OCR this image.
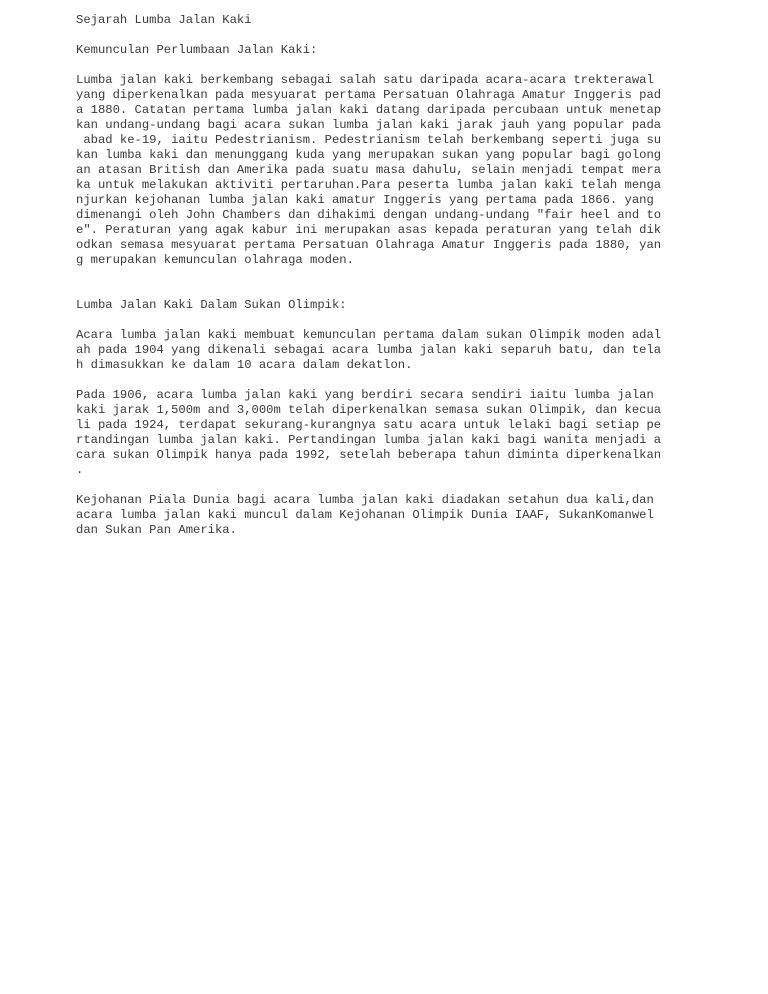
Sejarah Lumba Jalan Kaki
Kemunculan Perlumbaan Jalan Kaki:
Lumba jalan kaki berkembang sebagai salah satu daripada acara-acara trekterawal
yang diperkenalkan pada mesyuarat pertama Persatuan Olahraga Amatur Inggeris pad
a 1880. Catatan pertama lumba jalan kaki datang daripada percubaan untuk menetap
kan undang-undang bagi acara sukan lumba jalan kaki jarak jauh yang popular pada
abad ke-19, iaitu Pedestrianism. Pedestrianism telah berkembang seperti juga su
kan lumba kaki dan menunggang kuda yang merupakan sukan yang popular bagi golong
an atasan British dan Amerika pada suatu masa dahulu, selain menjadi tempat mera
ka untuk melakukan aktiviti pertaruhan.Para peserta lumba jalan kaki telah menga
njurkan kejohanan lumba jalan kaki amatur Inggeris yang pertama pada 1866. yang
dimenangi oleh John Chambers dan dihakimi dengan undang-undang "fair heel and to
e". Peraturan yang agak kabur ini merupakan asas kepada peraturan yang telah dik
odkan semasa mesyuarat pertama Persatuan Olahraga Amatur Inggeris pada 1880, yan
g merupakan kemunculan olahraga moden.
Lumba Jalan Kaki Dalam Sukan Olimpik:
Acara lumba jalan kaki membuat kemunculan pertama dalam sukan Olimpik moden adal
ah pada 1904 yang dikenali sebagai acara lumba jalan kaki separuh batu, dan tela
h dimasukkan ke dalam 10 acara dalam dekatlon.
Pada 1906, acara lumba jalan kaki yang berdiri secara sendiri iaitu lumba jalan
kaki jarak 1,500m and 3,000m telah diperkenalkan semasa sukan Olimpik, dan kecua
li pada 1924, terdapat sekurang-kurangnya satu acara untuk lelaki bagi setiap pe
rtandingan lumba jalan kaki. Pertandingan lumba jalan kaki bagi wanita menjadi a
cara sukan Olimpik hanya pada 1992, setelah beberapa tahun diminta diperkenalkan
.
Kejohanan Piala Dunia bagi acara lumba jalan kaki diadakan setahun dua kali,dan
acara lumba jalan kaki muncul dalam Kejohanan Olimpik Dunia IAAF, SukanKomanwel
dan Sukan Pan Amerika.
